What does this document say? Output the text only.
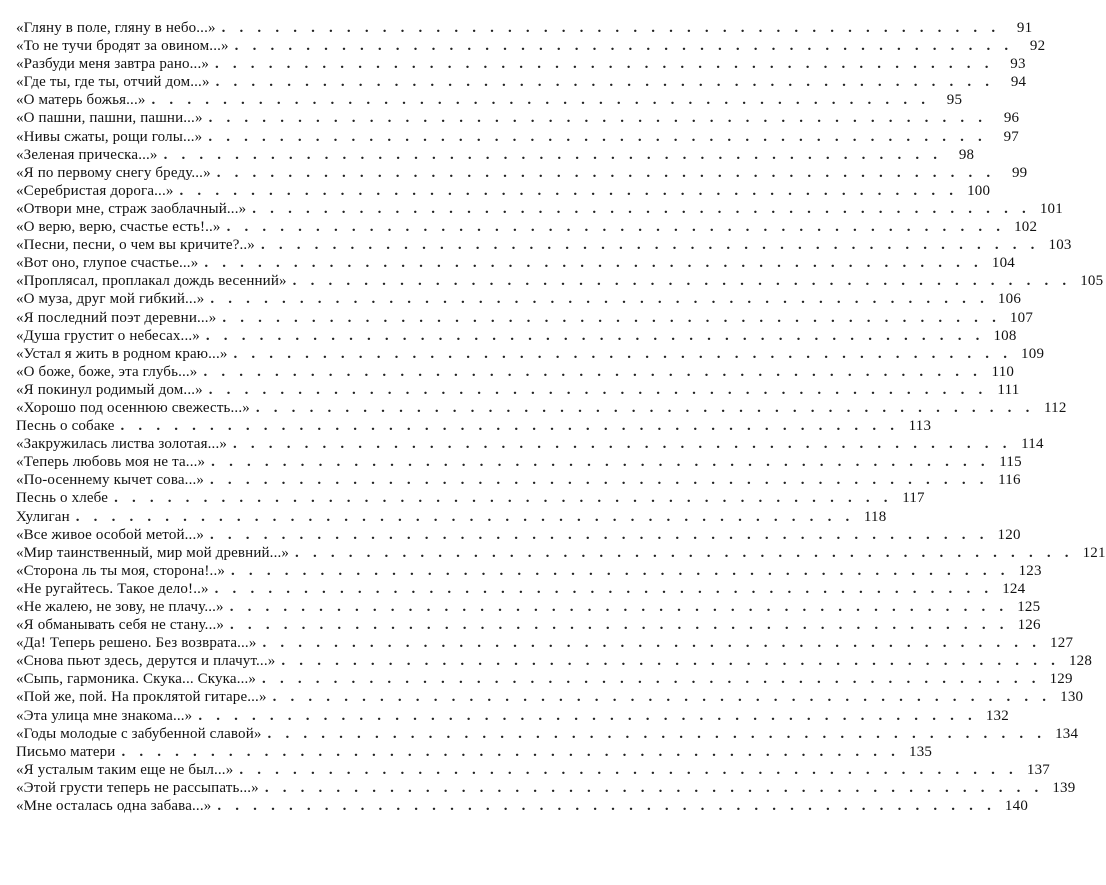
«Гляну в поле, гляну в небо...» . . . . . . . . . . . . . . . . . . . . . . . . . . . . . . . . . . . . . . . . . . . .	91
«То не тучи бродят за овином...» . . . . . . . . . . . . . . . . . . . . . . . . . . . . . . . . . . . . . . . . . . . .	92
«Разбуди меня завтра рано...» . . . . . . . . . . . . . . . . . . . . . . . . . . . . . . . . . . . . . . . . . . . .	93
«Где ты, где ты, отчий дом...» . . . . . . . . . . . . . . . . . . . . . . . . . . . . . . . . . . . . . . . . . . . .	94
«О матерь божья...» . . . . . . . . . . . . . . . . . . . . . . . . . . . . . . . . . . . . . . . . . . . .	95
«О пашни, пашни, пашни...» . . . . . . . . . . . . . . . . . . . . . . . . . . . . . . . . . . . . . . . . . . . .	96
«Нивы сжаты, рощи голы...» . . . . . . . . . . . . . . . . . . . . . . . . . . . . . . . . . . . . . . . . . . . .	97
«Зеленая прическа...» . . . . . . . . . . . . . . . . . . . . . . . . . . . . . . . . . . . . . . . . . . . .	98
«Я по первому снегу бреду...» . . . . . . . . . . . . . . . . . . . . . . . . . . . . . . . . . . . . . . . . . . . .	99
«Серебристая дорога...» . . . . . . . . . . . . . . . . . . . . . . . . . . . . . . . . . . . . . . . . . . . . 100
«Отвори мне, страж заоблачный...» . . . . . . . . . . . . . . . . . . . . . . . . . . . . . . . . . . . . . . . . . . . . 101
«О верю, верю, счастье есть!..» . . . . . . . . . . . . . . . . . . . . . . . . . . . . . . . . . . . . . . . . . . . . 102
«Песни, песни, о чем вы кричите?..» . . . . . . . . . . . . . . . . . . . . . . . . . . . . . . . . . . . . . . . . . . . . 103
«Вот оно, глупое счастье...» . . . . . . . . . . . . . . . . . . . . . . . . . . . . . . . . . . . . . . . . . . . . 104
«Проплясал, проплакал дождь весенний» . . . . . . . . . . . . . . . . . . . . . . . . . . . . . . . . . . . . . . . . . . . . 105
«О муза, друг мой гибкий...» . . . . . . . . . . . . . . . . . . . . . . . . . . . . . . . . . . . . . . . . . . . . 106
«Я последний поэт деревни...» . . . . . . . . . . . . . . . . . . . . . . . . . . . . . . . . . . . . . . . . . . . . 107
«Душа грустит о небесах...» . . . . . . . . . . . . . . . . . . . . . . . . . . . . . . . . . . . . . . . . . . . . 108
«Устал я жить в родном краю...» . . . . . . . . . . . . . . . . . . . . . . . . . . . . . . . . . . . . . . . . . . . . 109
«О боже, боже, эта глубь...» . . . . . . . . . . . . . . . . . . . . . . . . . . . . . . . . . . . . . . . . . . . . 110
«Я покинул родимый дом...» . . . . . . . . . . . . . . . . . . . . . . . . . . . . . . . . . . . . . . . . . . . . 111
«Хорошо под осеннюю свежесть...» . . . . . . . . . . . . . . . . . . . . . . . . . . . . . . . . . . . . . . . . . . . . 112
Песнь о собаке . . . . . . . . . . . . . . . . . . . . . . . . . . . . . . . . . . . . . . . . . . . . 113
«Закружилась листва золотая...» . . . . . . . . . . . . . . . . . . . . . . . . . . . . . . . . . . . . . . . . . . . . 114
«Теперь любовь моя не та...» . . . . . . . . . . . . . . . . . . . . . . . . . . . . . . . . . . . . . . . . . . . . 115
«По-осеннему кычет сова...» . . . . . . . . . . . . . . . . . . . . . . . . . . . . . . . . . . . . . . . . . . . . 116
Песнь о хлебе . . . . . . . . . . . . . . . . . . . . . . . . . . . . . . . . . . . . . . . . . . . . 117
Хулиган . . . . . . . . . . . . . . . . . . . . . . . . . . . . . . . . . . . . . . . . . . . . 118
«Все живое особой метой...» . . . . . . . . . . . . . . . . . . . . . . . . . . . . . . . . . . . . . . . . . . . . 120
«Мир таинственный, мир мой древний...» . . . . . . . . . . . . . . . . . . . . . . . . . . . . . . . . . . . . . . . . . . . . 121
«Сторона ль ты моя, сторона!..» . . . . . . . . . . . . . . . . . . . . . . . . . . . . . . . . . . . . . . . . . . . . 123
«Не ругайтесь. Такое дело!..» . . . . . . . . . . . . . . . . . . . . . . . . . . . . . . . . . . . . . . . . . . . . 124
«Не жалею, не зову, не плачу...» . . . . . . . . . . . . . . . . . . . . . . . . . . . . . . . . . . . . . . . . . . . . 125
«Я обманывать себя не стану...» . . . . . . . . . . . . . . . . . . . . . . . . . . . . . . . . . . . . . . . . . . . . 126
«Да! Теперь решено. Без возврата...» . . . . . . . . . . . . . . . . . . . . . . . . . . . . . . . . . . . . . . . . . . . . 127
«Снова пьют здесь, дерутся и плачут...» . . . . . . . . . . . . . . . . . . . . . . . . . . . . . . . . . . . . . . . . . . . . 128
«Сыпь, гармоника. Скука... Скука...» . . . . . . . . . . . . . . . . . . . . . . . . . . . . . . . . . . . . . . . . . . . . 129
«Пой же, пой. На проклятой гитаре...» . . . . . . . . . . . . . . . . . . . . . . . . . . . . . . . . . . . . . . . . . . . . 130
«Эта улица мне знакома...» . . . . . . . . . . . . . . . . . . . . . . . . . . . . . . . . . . . . . . . . . . . . 132
«Годы молодые с забубенной славой» . . . . . . . . . . . . . . . . . . . . . . . . . . . . . . . . . . . . . . . . . . . . 134
Письмо матери . . . . . . . . . . . . . . . . . . . . . . . . . . . . . . . . . . . . . . . . . . . . 135
«Я усталым таким еще не был...» . . . . . . . . . . . . . . . . . . . . . . . . . . . . . . . . . . . . . . . . . . . . 137
«Этой грусти теперь не рассыпать...» . . . . . . . . . . . . . . . . . . . . . . . . . . . . . . . . . . . . . . . . . . . . 139
«Мне осталась одна забава...» . . . . . . . . . . . . . . . . . . . . . . . . . . . . . . . . . . . . . . . . . . . . 140
